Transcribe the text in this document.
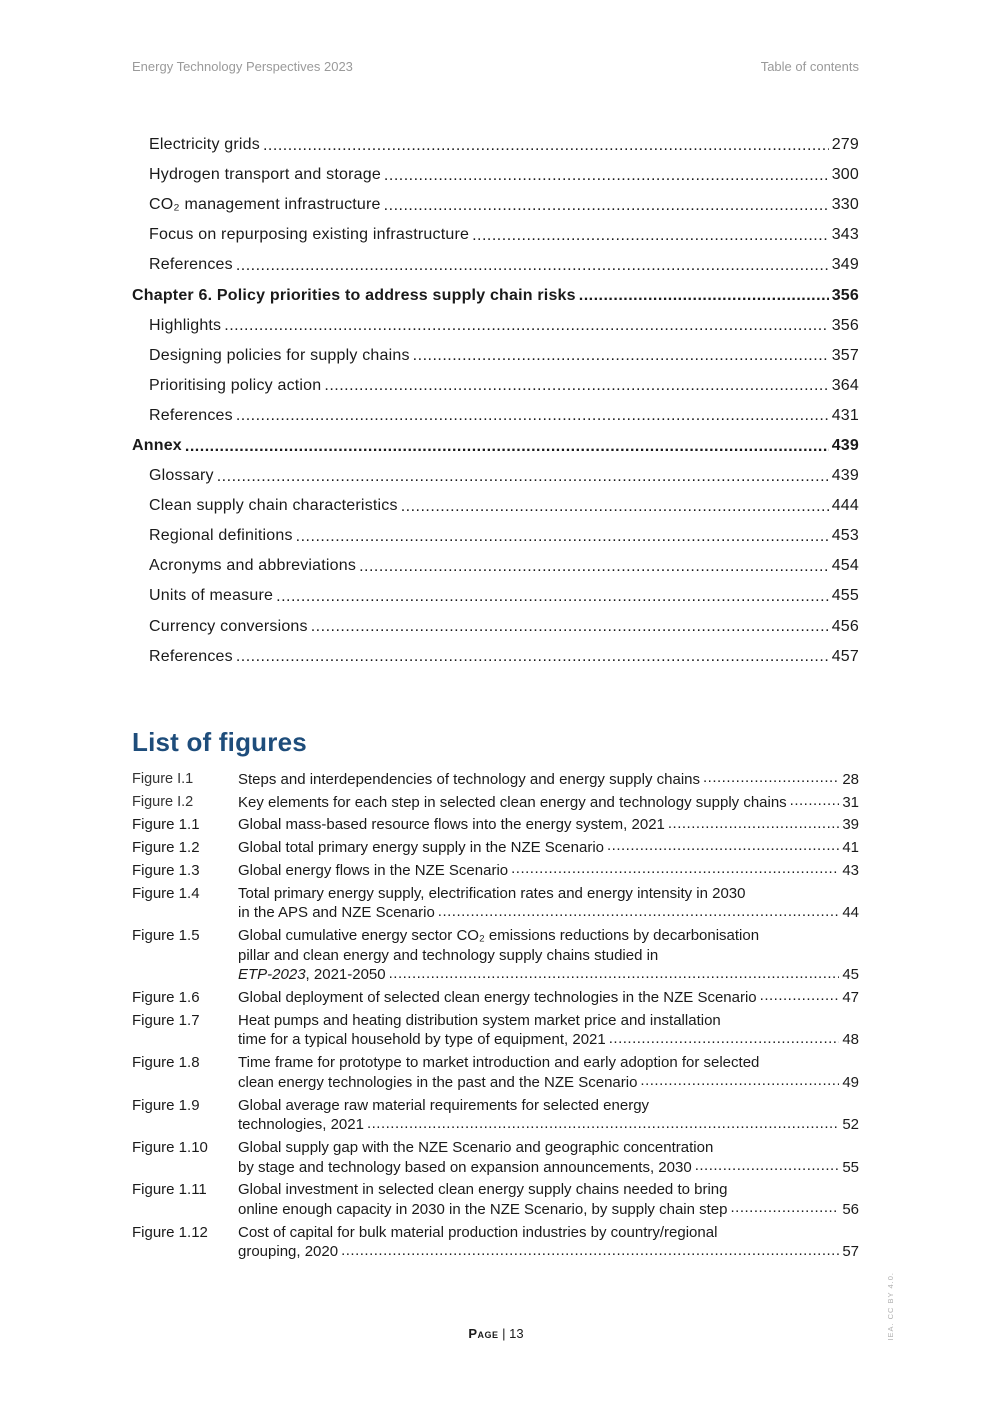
Energy Technology Perspectives 2023	Table of contents
Electricity grids .....	279
Hydrogen transport and storage .....	300
CO₂ management infrastructure .....	330
Focus on repurposing existing infrastructure .....	343
References .....	349
Chapter 6. Policy priorities to address supply chain risks .....	356
Highlights .....	356
Designing policies for supply chains .....	357
Prioritising policy action .....	364
References .....	431
Annex .....	439
Glossary .....	439
Clean supply chain characteristics .....	444
Regional definitions .....	453
Acronyms and abbreviations .....	454
Units of measure .....	455
Currency conversions .....	456
References .....	457
List of figures
Figure I.1	Steps and interdependencies of technology and energy supply chains .....	28
Figure I.2	Key elements for each step in selected clean energy and technology supply chains .....	31
Figure 1.1	Global mass-based resource flows into the energy system, 2021 .....	39
Figure 1.2	Global total primary energy supply in the NZE Scenario .....	41
Figure 1.3	Global energy flows in the NZE Scenario .....	43
Figure 1.4	Total primary energy supply, electrification rates and energy intensity in 2030
in the APS and NZE Scenario .....	44
Figure 1.5	Global cumulative energy sector CO₂ emissions reductions by decarbonisation
pillar and clean energy and technology supply chains studied in
ETP-2023, 2021-2050 .....	45
Figure 1.6	Global deployment of selected clean energy technologies in the NZE Scenario .....	47
Figure 1.7	Heat pumps and heating distribution system market price and installation
time for a typical household by type of equipment, 2021 .....	48
Figure 1.8	Time frame for prototype to market introduction and early adoption for selected
clean energy technologies in the past and the NZE Scenario .....	49
Figure 1.9	Global average raw material requirements for selected energy
technologies, 2021 .....	52
Figure 1.10	Global supply gap with the NZE Scenario and geographic concentration
by stage and technology based on expansion announcements, 2030 .....	55
Figure 1.11	Global investment in selected clean energy supply chains needed to bring
online enough capacity in 2030 in the NZE Scenario, by supply chain step .....	56
Figure 1.12	Cost of capital for bulk material production industries by country/regional
grouping, 2020 .....	57
Page | 13	IEA. CC BY 4.0.
